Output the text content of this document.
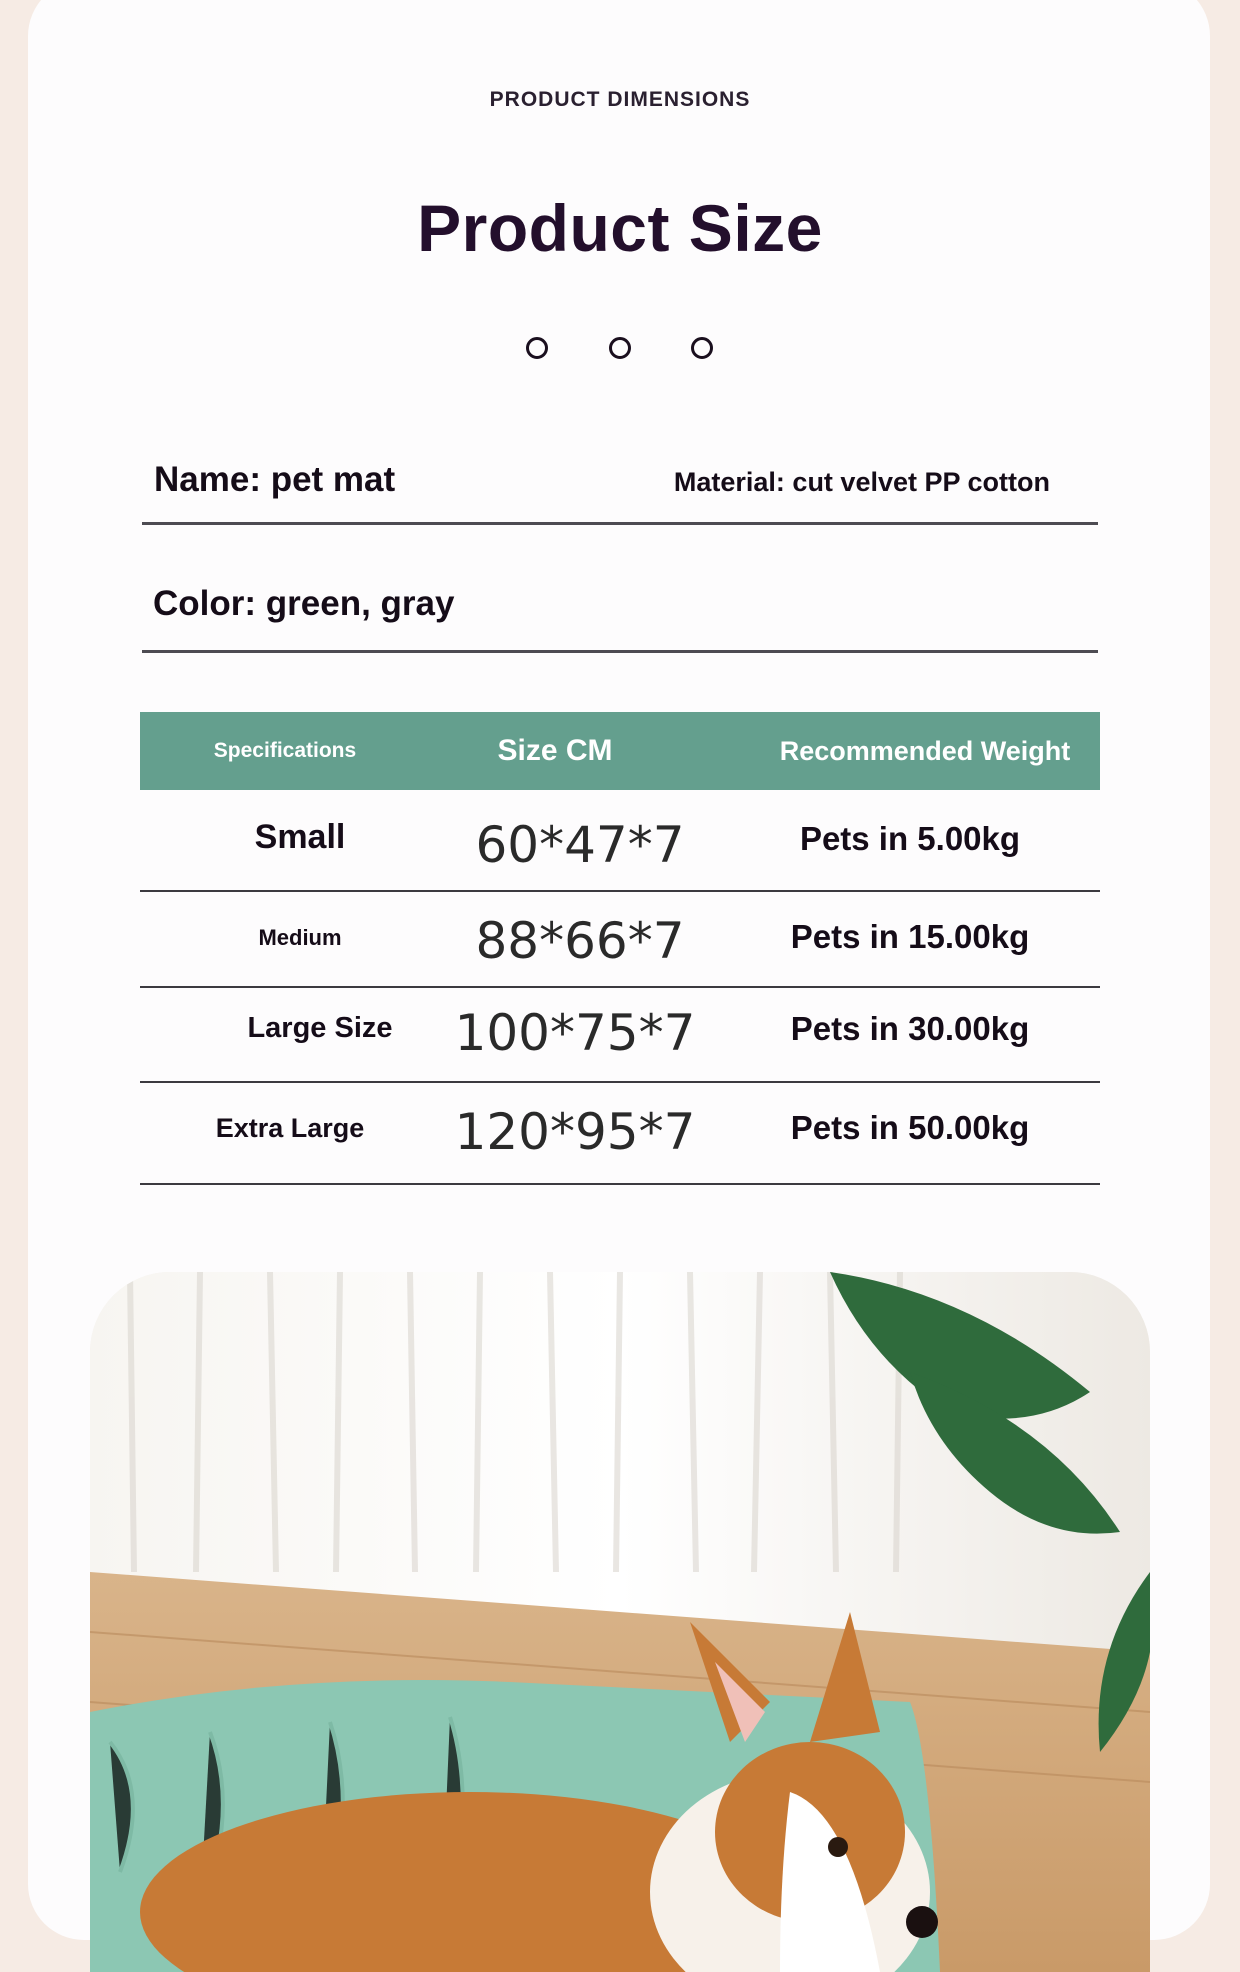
PRODUCT DIMENSIONS
Product Size
Name: pet mat	Material: cut velvet PP cotton
Color: green, gray
Specifications	Size CM	Recommended Weight
Small	60*47*7	Pets in 5.00kg
Medium	88*66*7	Pets in 15.00kg
Large Size	100*75*7	Pets in 30.00kg
Extra Large	120*95*7	Pets in 50.00kg
